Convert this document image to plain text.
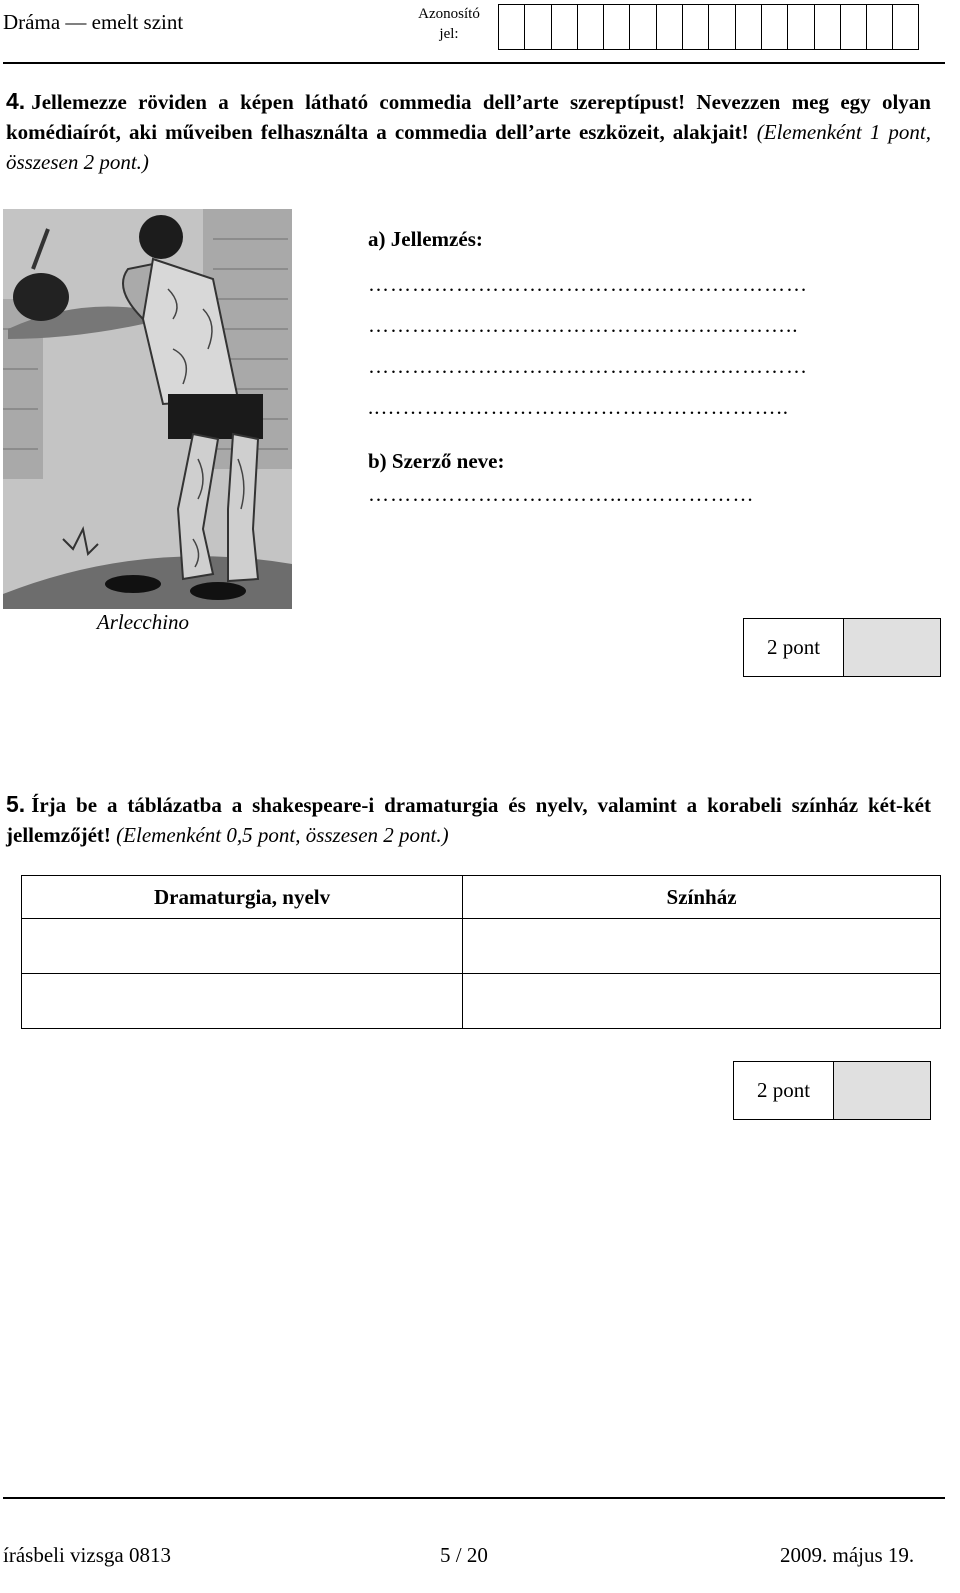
Dráma — emelt szint	Azonosító
jel:
4. Jellemezze röviden a képen látható commedia dell’arte szereptípust! Nevezzen meg egy olyan komédiaírót, aki műveiben felhasználta a commedia dell’arte eszközeit, alakjait! (Elemenként 1 pont, összesen 2 pont.)
Arlecchino
a) Jellemzés:
……………………………………………………
…………………………………………………..
……………………………………………………
..………………………………………………..
b) Szerző neve:
……………………………..………………
2 pont
5. Írja be a táblázatba a shakespeare-i dramaturgia és nyelv, valamint a korabeli színház két-két jellemzőjét! (Elemenként 0,5 pont, összesen 2 pont.)
Dramaturgia, nyelv	Színház

2 pont
írásbeli vizsga 0813	5 / 20	2009. május 19.
